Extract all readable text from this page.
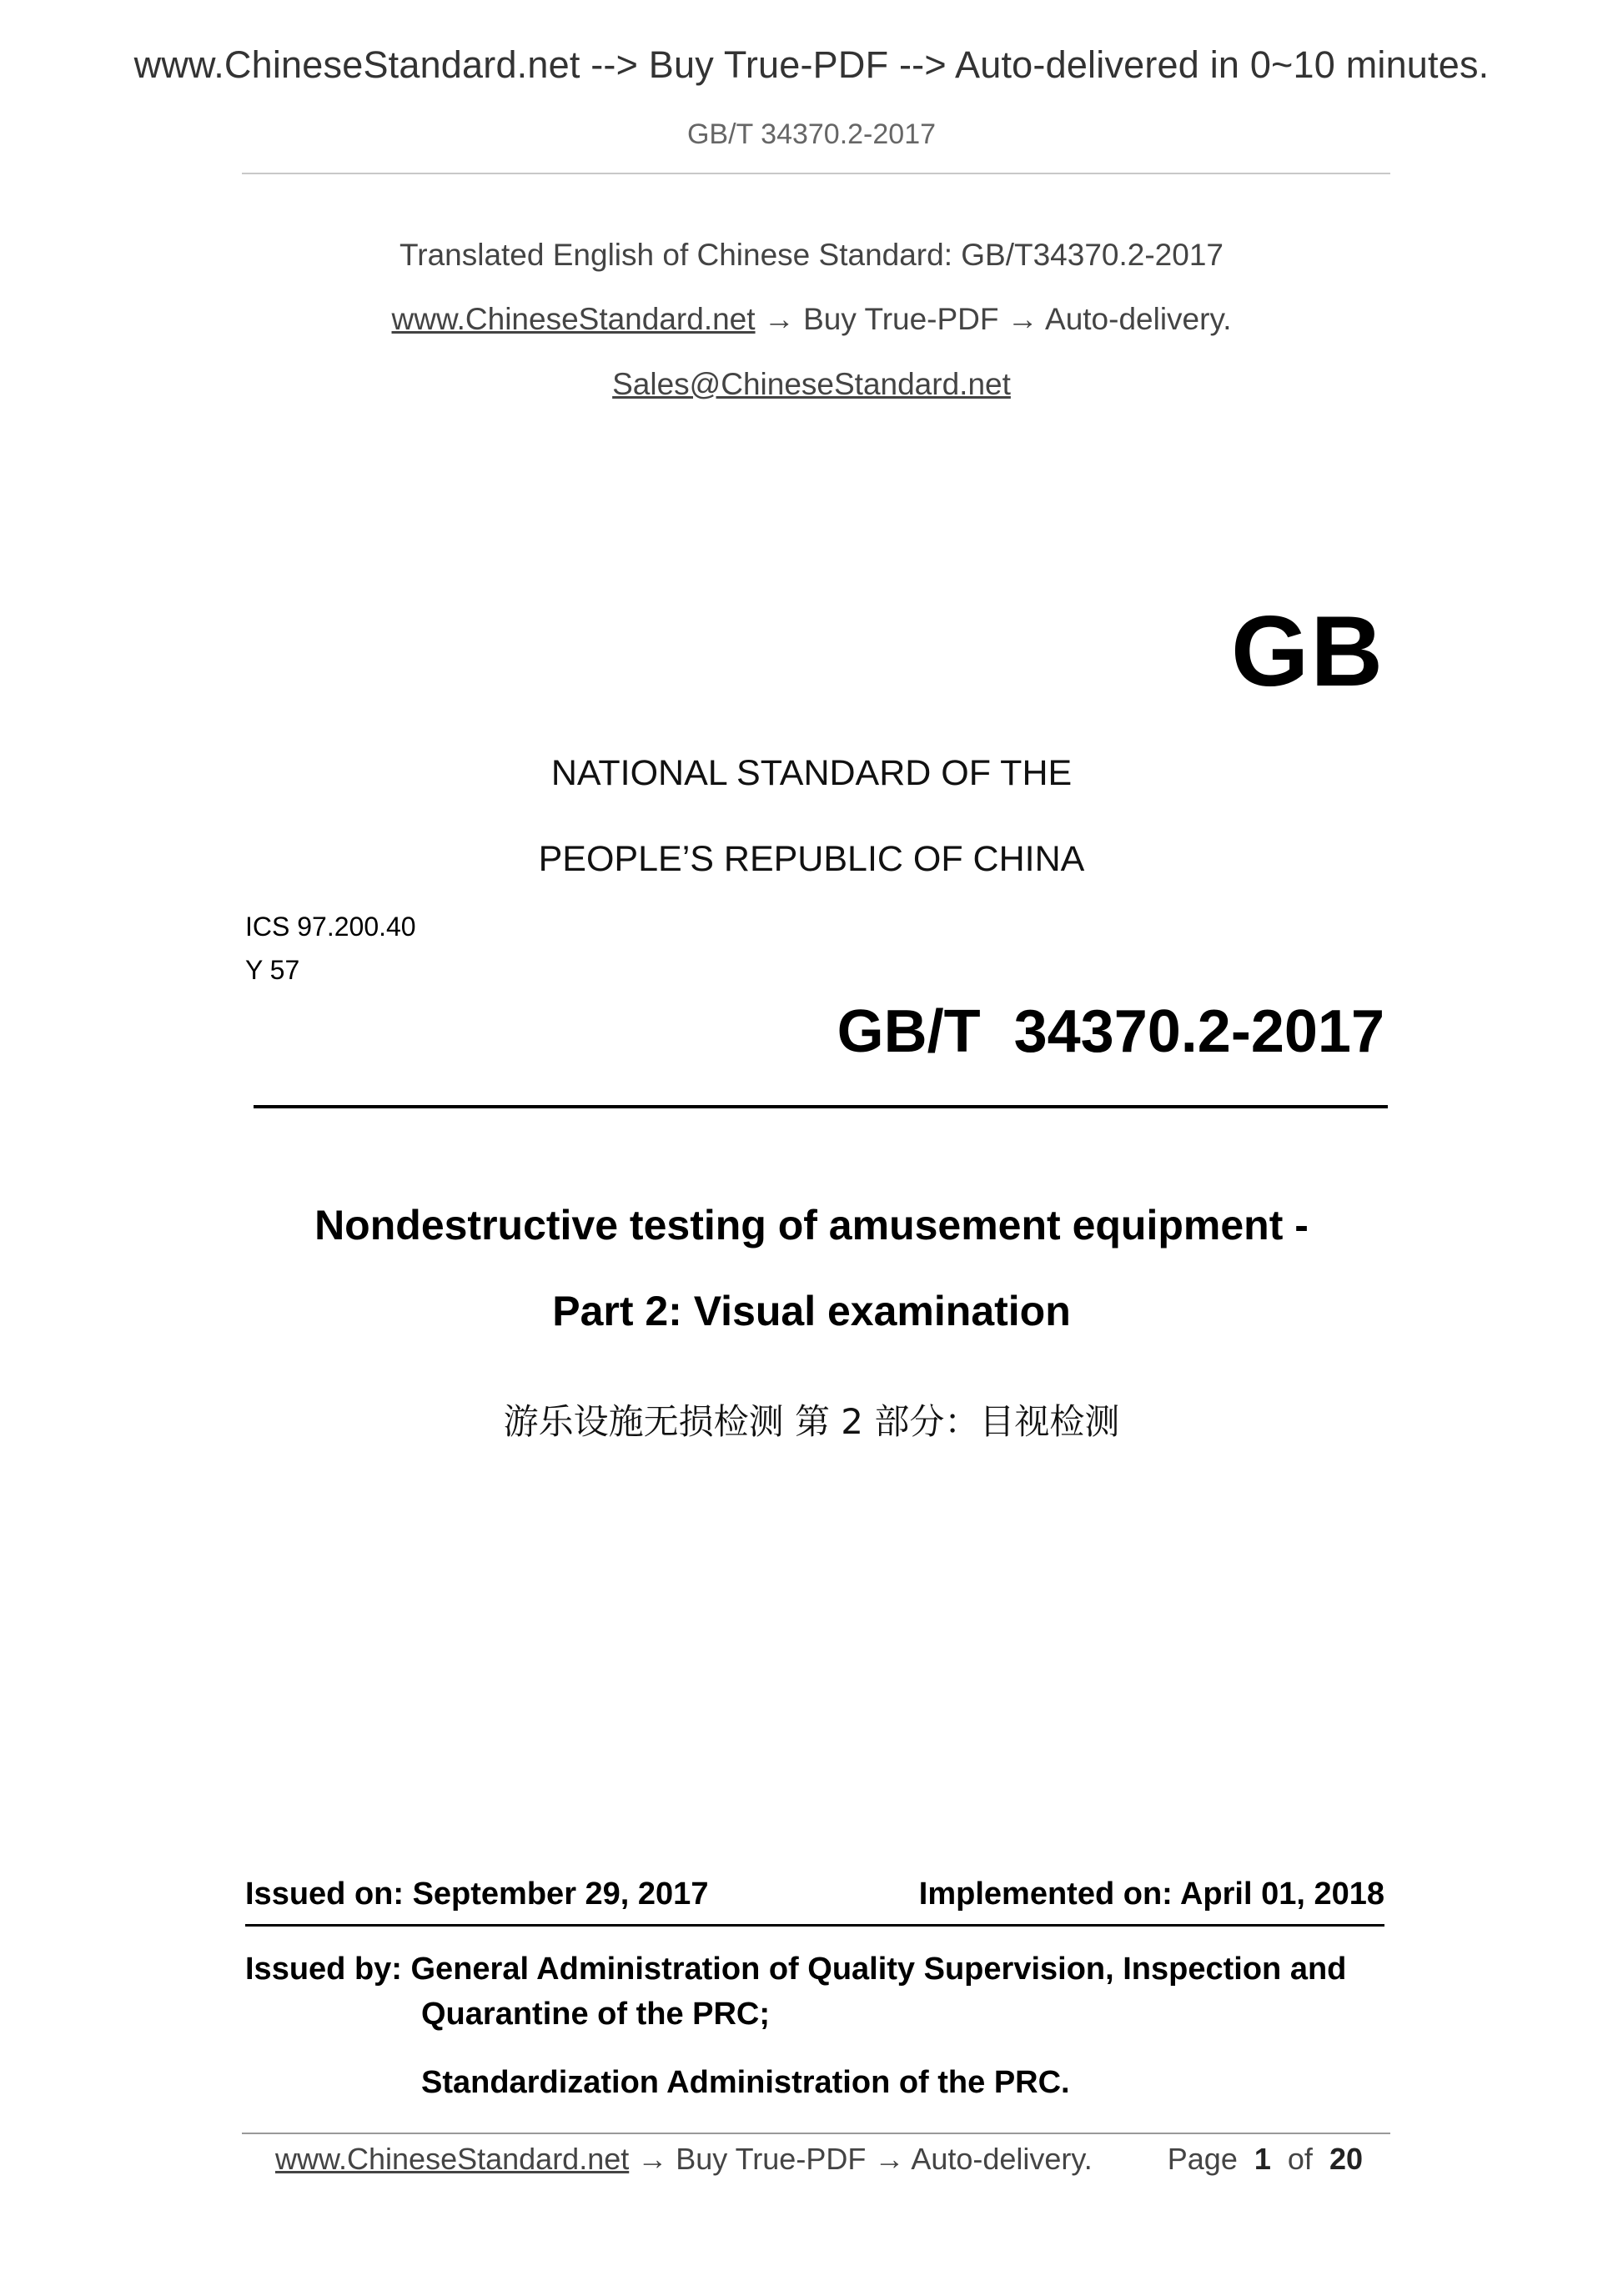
www.ChineseStandard.net --> Buy True-PDF --> Auto-delivered in 0~10 minutes.
GB/T 34370.2-2017
Translated English of Chinese Standard: GB/T34370.2-2017
www.ChineseStandard.net → Buy True-PDF → Auto-delivery.
Sales@ChineseStandard.net
GB
NATIONAL STANDARD OF THE
PEOPLE’S REPUBLIC OF CHINA
ICS 97.200.40
Y 57
GB/T  34370.2-2017
Nondestructive testing of amusement equipment -
Part 2: Visual examination
游乐设施无损检测 第 2 部分：目视检测
Issued on: September 29, 2017	Implemented on: April 01, 2018
Issued by: General Administration of Quality Supervision, Inspection and
Quarantine of the PRC;
Standardization Administration of the PRC.
www.ChineseStandard.net → Buy True-PDF → Auto-delivery.	Page 1 of 20
